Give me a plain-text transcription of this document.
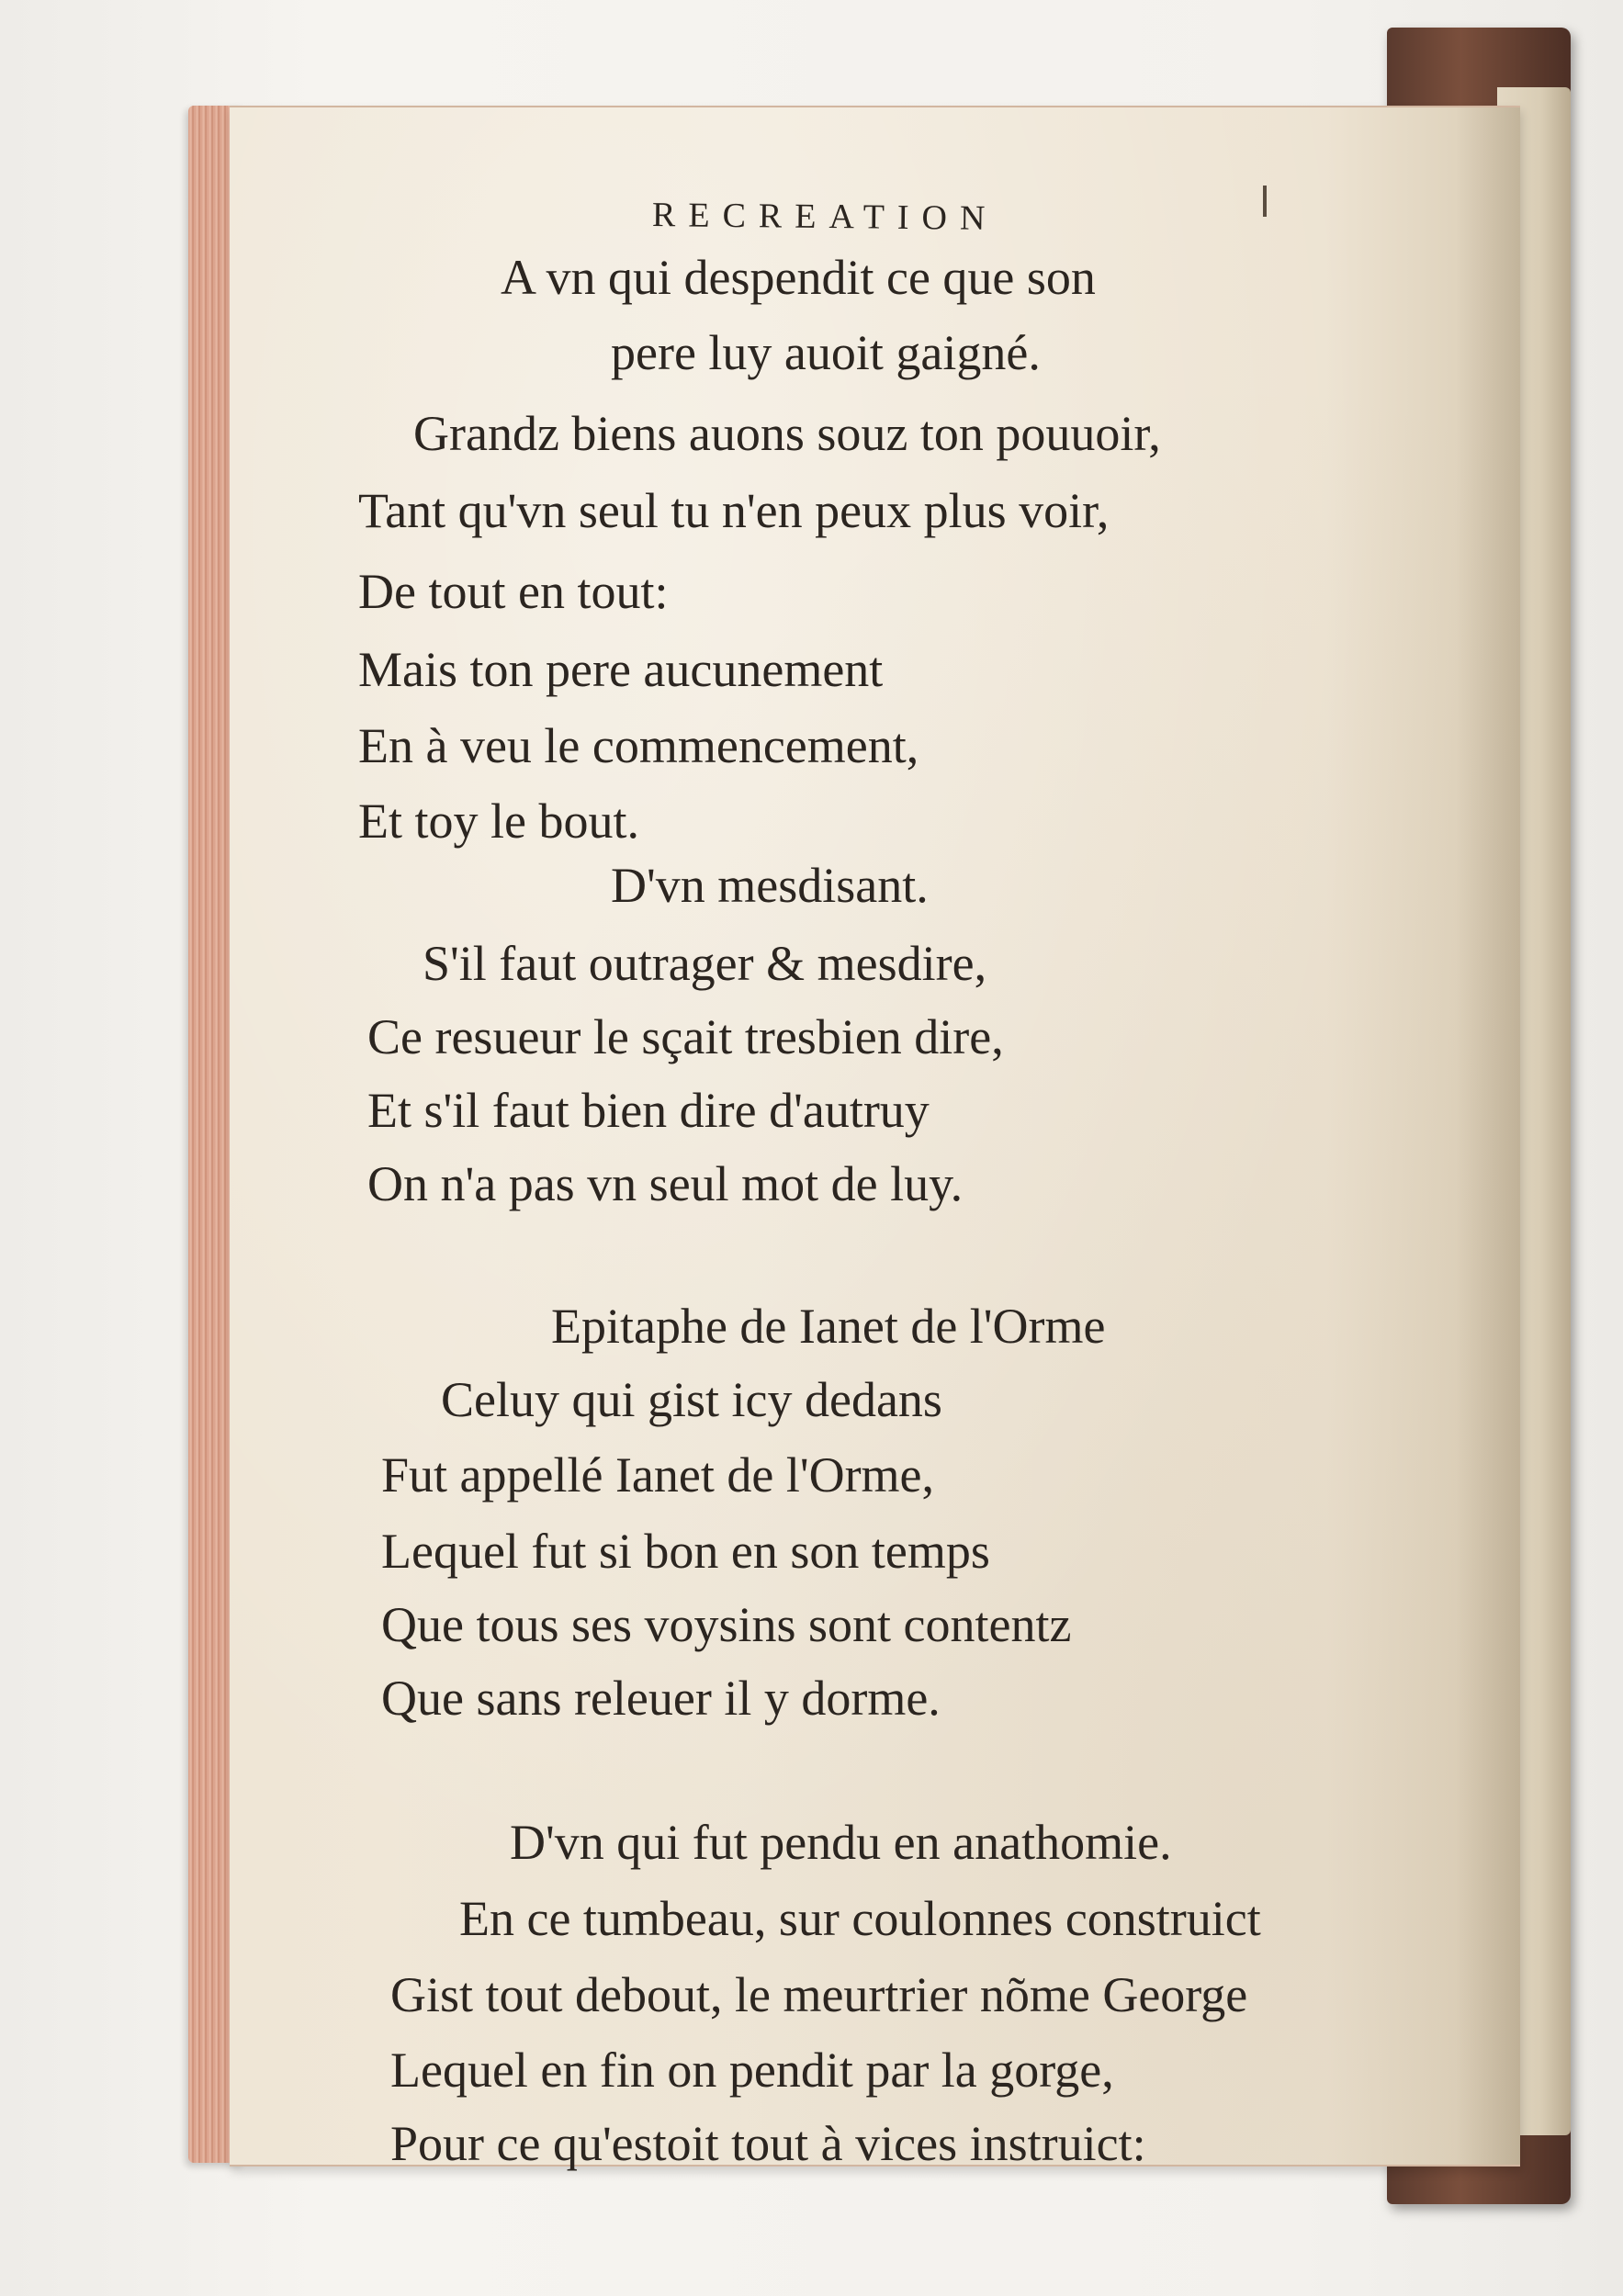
RECREATION
A vn qui despendit ce que son
pere luy auoit gaigné.
Grandz biens auons souz ton pouuoir,
Tant qu'vn seul tu n'en peux plus voir,
De tout en tout:
Mais ton pere aucunement
En à veu le commencement,
Et toy le bout.
D'vn mesdisant.
S'il faut outrager & mesdire,
Ce resueur le sçait tresbien dire,
Et s'il faut bien dire d'autruy
On n'a pas vn seul mot de luy.
Epitaphe de Ianet de l'Orme
Celuy qui gist icy dedans
Fut appellé Ianet de l'Orme,
Lequel fut si bon en son temps
Que tous ses voysins sont contentz
Que sans releuer il y dorme.
D'vn qui fut pendu en anathomie.
En ce tumbeau, sur coulonnes construict
Gist tout debout, le meurtrier nõme George
Lequel en fin on pendit par la gorge,
Pour ce qu'estoit tout à vices instruict:
